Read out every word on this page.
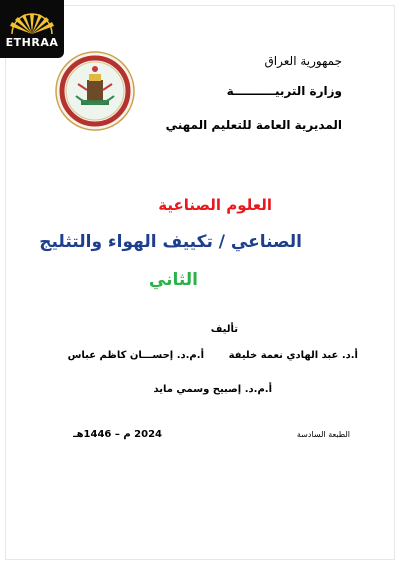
ETHRAA
جمهورية العراق
وزارة التربيــــــــــة
المديرية العامة للتعليم المهني
العلوم الصناعية
الصناعي / تكييف الهواء والتثليج
الثاني
تأليف
أ.د. عبد الهادي نعمة خليفة
أ.م.د. إحســـان كاظم عباس
أ.م.د. إصبيح وسمي مايد
الطبعة السادسة
2024 م – 1446هـ
